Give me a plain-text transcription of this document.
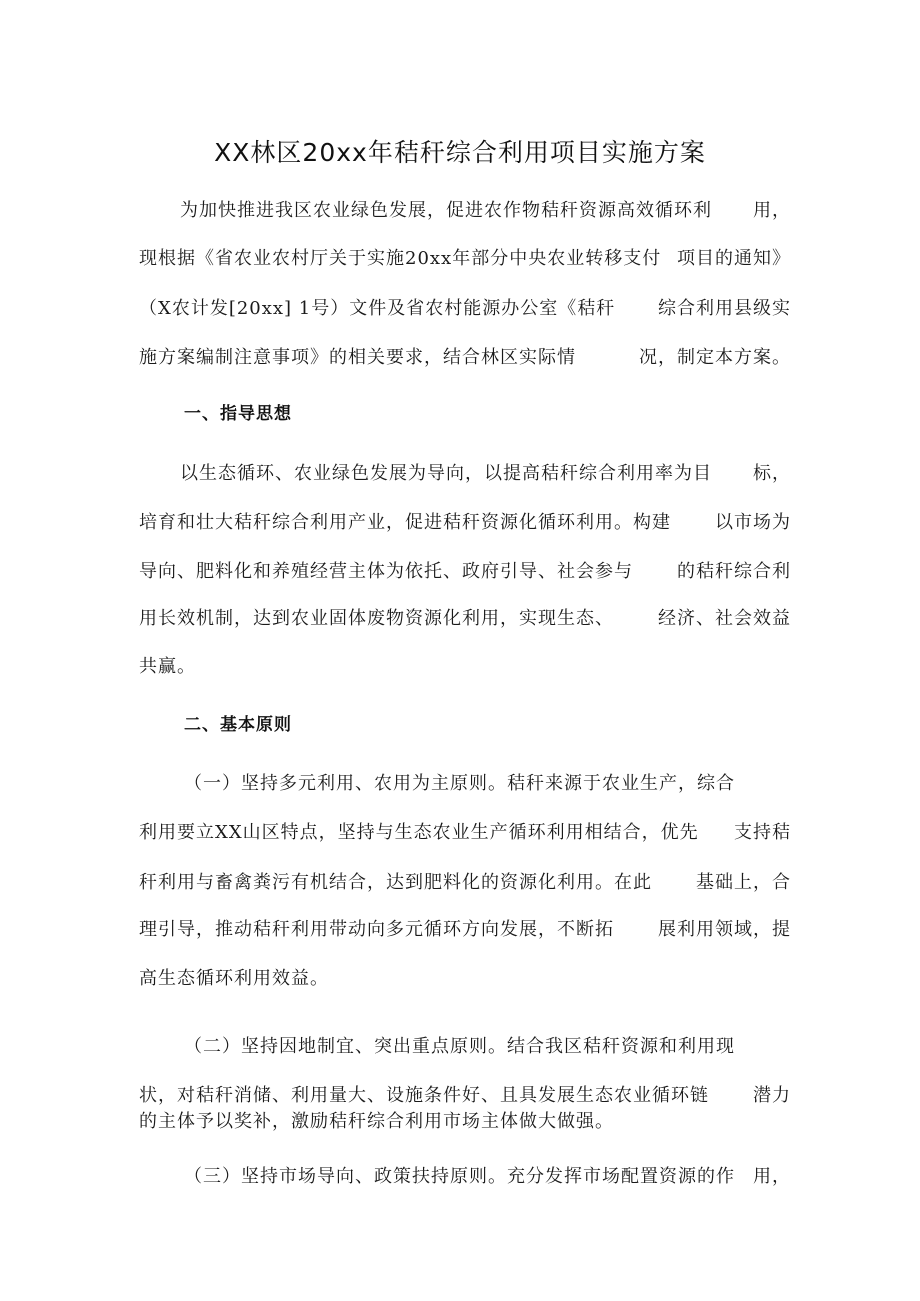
XX林区20xx年秸秆综合利用项目实施方案
一、指导思想
二、基本原则
为加快推进我区农业绿色发展，促进农作物秸秆资源高效循环利 用，
现根据《省农业农村厅关于实施20xx年部分中央农业转移支付 项目的通知》
（X农计发[20xx] 1号）文件及省农村能源办公室《秸秆 综合利用县级实
施方案编制注意事项》的相关要求，结合林区实际情	况，制定本方案。
以生态循环、农业绿色发展为导向，以提高秸秆综合利用率为目 标，
培育和壮大秸秆综合利用产业，促进秸秆资源化循环利用。构建 以市场为
导向、肥料化和养殖经营主体为依托、政府引导、社会参与 的秸秆综合利
用长效机制，达到农业固体废物资源化利用，实现生态、 经济、社会效益
共赢。
（一）坚持多元利用、农用为主原则。秸秆来源于农业生产，综合
利用要立XX山区特点，坚持与生态农业生产循环利用相结合，优先 支持秸
秆利用与畜禽粪污有机结合，达到肥料化的资源化利用。在此 基础上，合
理引导，推动秸秆利用带动向多元循环方向发展，不断拓 展利用领域，提
高生态循环利用效益。
（二）坚持因地制宜、突出重点原则。结合我区秸秆资源和利用现
状，对秸秆消储、利用量大、设施条件好、且具发展生态农业循环链 潜力
的主体予以奖补，激励秸秆综合利用市场主体做大做强。
（三）坚持市场导向、政策扶持原则。充分发挥市场配置资源的作 用，
